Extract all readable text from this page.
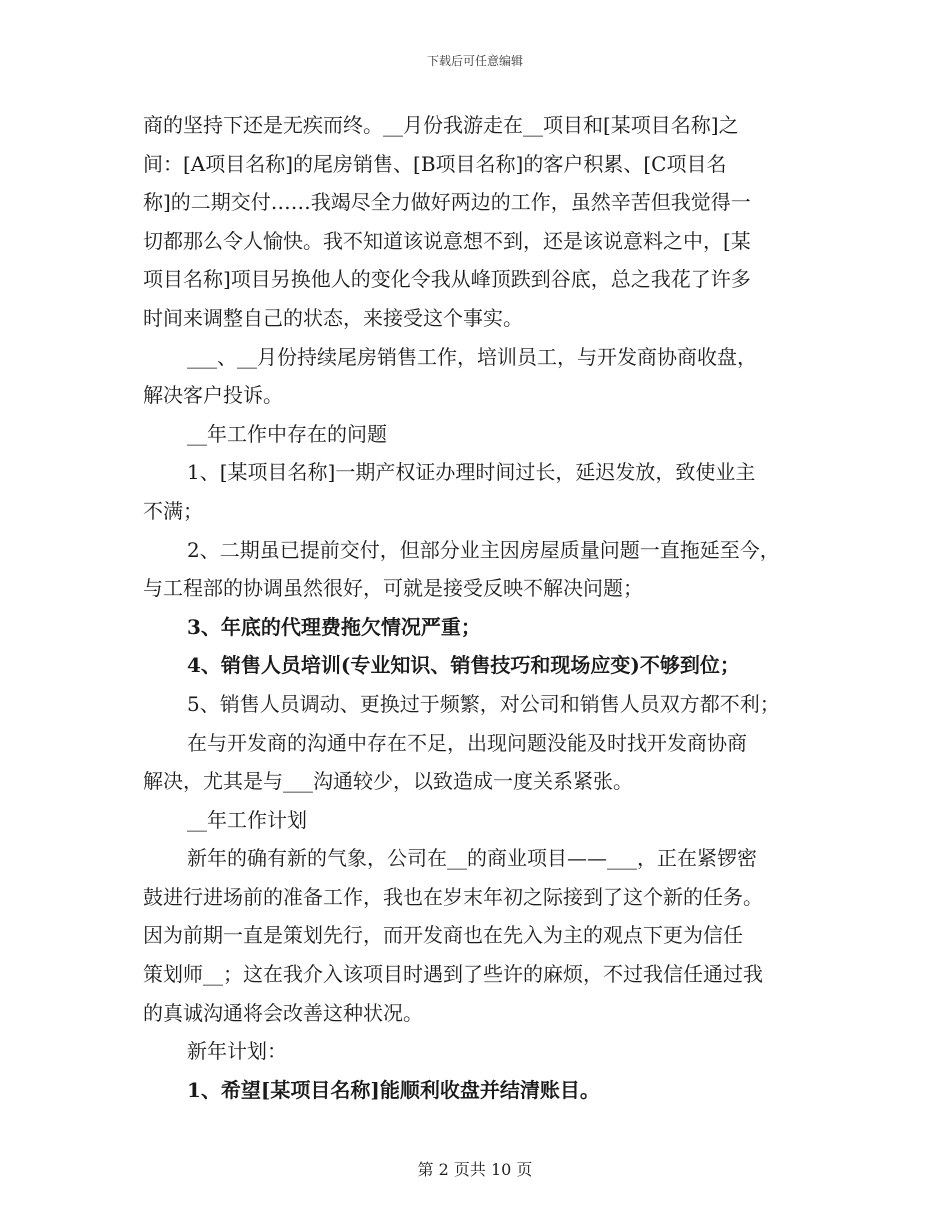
下载后可任意编辑

商的坚持下还是无疾而终。__月份我游走在__项目和[某项目名称]之

间：[A项目名称]的尾房销售、[B项目名称]的客户积累、[C项目名

称]的二期交付……我竭尽全力做好两边的工作，虽然辛苦但我觉得一

切都那么令人愉快。我不知道该说意想不到，还是该说意料之中，[某

项目名称]项目另换他人的变化令我从峰顶跌到谷底，总之我花了许多

时间来调整自己的状态，来接受这个事实。

___、__月份持续尾房销售工作，培训员工，与开发商协商收盘，

解决客户投诉。

__年工作中存在的问题

1、[某项目名称]一期产权证办理时间过长，延迟发放，致使业主

不满；

2、二期虽已提前交付，但部分业主因房屋质量问题一直拖延至今，

与工程部的协调虽然很好，可就是接受反映不解决问题；

3、年底的代理费拖欠情况严重；

4、销售人员培训(专业知识、销售技巧和现场应变)不够到位；

5、销售人员调动、更换过于频繁，对公司和销售人员双方都不利；

在与开发商的沟通中存在不足，出现问题没能及时找开发商协商

解决，尤其是与___沟通较少，以致造成一度关系紧张。

__年工作计划

新年的确有新的气象，公司在__的商业项目——___，正在紧锣密

鼓进行进场前的准备工作，我也在岁末年初之际接到了这个新的任务。

因为前期一直是策划先行，而开发商也在先入为主的观点下更为信任

策划师__；这在我介入该项目时遇到了些许的麻烦，不过我信任通过我

的真诚沟通将会改善这种状况。

新年计划：

1、希望[某项目名称]能顺利收盘并结清账目。

第 2 页共 10 页
